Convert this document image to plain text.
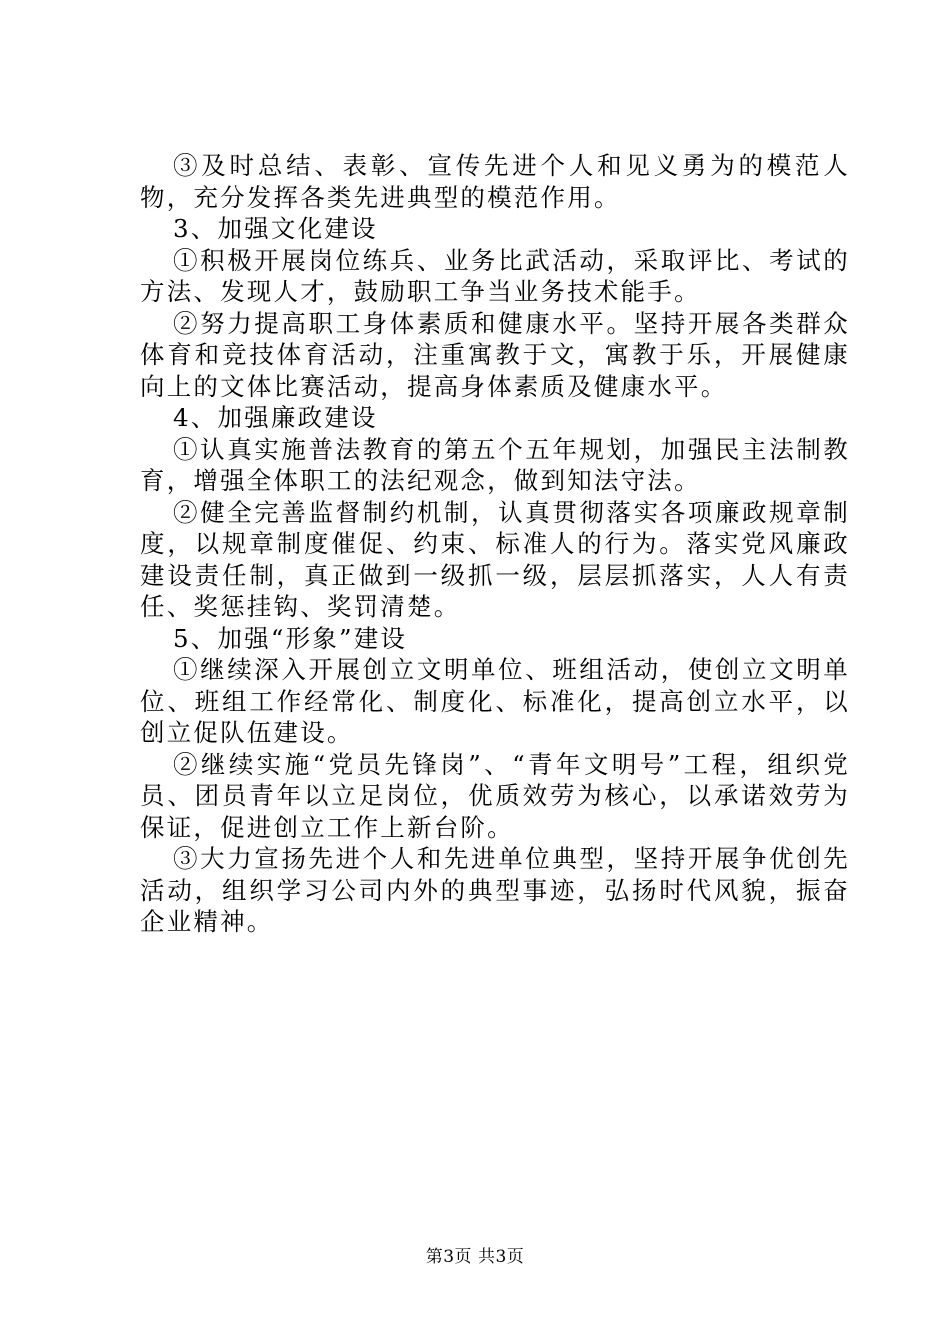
③及时总结、表彰、宣传先进个人和见义勇为的模范人物，充分发挥各类先进典型的模范作用。

3、加强文化建设

①积极开展岗位练兵、业务比武活动，采取评比、考试的方法、发现人才，鼓励职工争当业务技术能手。

②努力提高职工身体素质和健康水平。坚持开展各类群众体育和竞技体育活动，注重寓教于文，寓教于乐，开展健康向上的文体比赛活动，提高身体素质及健康水平。

4、加强廉政建设

①认真实施普法教育的第五个五年规划，加强民主法制教育，增强全体职工的法纪观念，做到知法守法。

②健全完善监督制约机制，认真贯彻落实各项廉政规章制度，以规章制度催促、约束、标准人的行为。落实党风廉政建设责任制，真正做到一级抓一级，层层抓落实，人人有责任、奖惩挂钩、奖罚清楚。

5、加强“形象”建设

①继续深入开展创立文明单位、班组活动，使创立文明单位、班组工作经常化、制度化、标准化，提高创立水平，以创立促队伍建设。

②继续实施“党员先锋岗”、“青年文明号”工程，组织党员、团员青年以立足岗位，优质效劳为核心，以承诺效劳为保证，促进创立工作上新台阶。

③大力宣扬先进个人和先进单位典型，坚持开展争优创先活动，组织学习公司内外的典型事迹，弘扬时代风貌，振奋企业精神。

第3页 共3页
